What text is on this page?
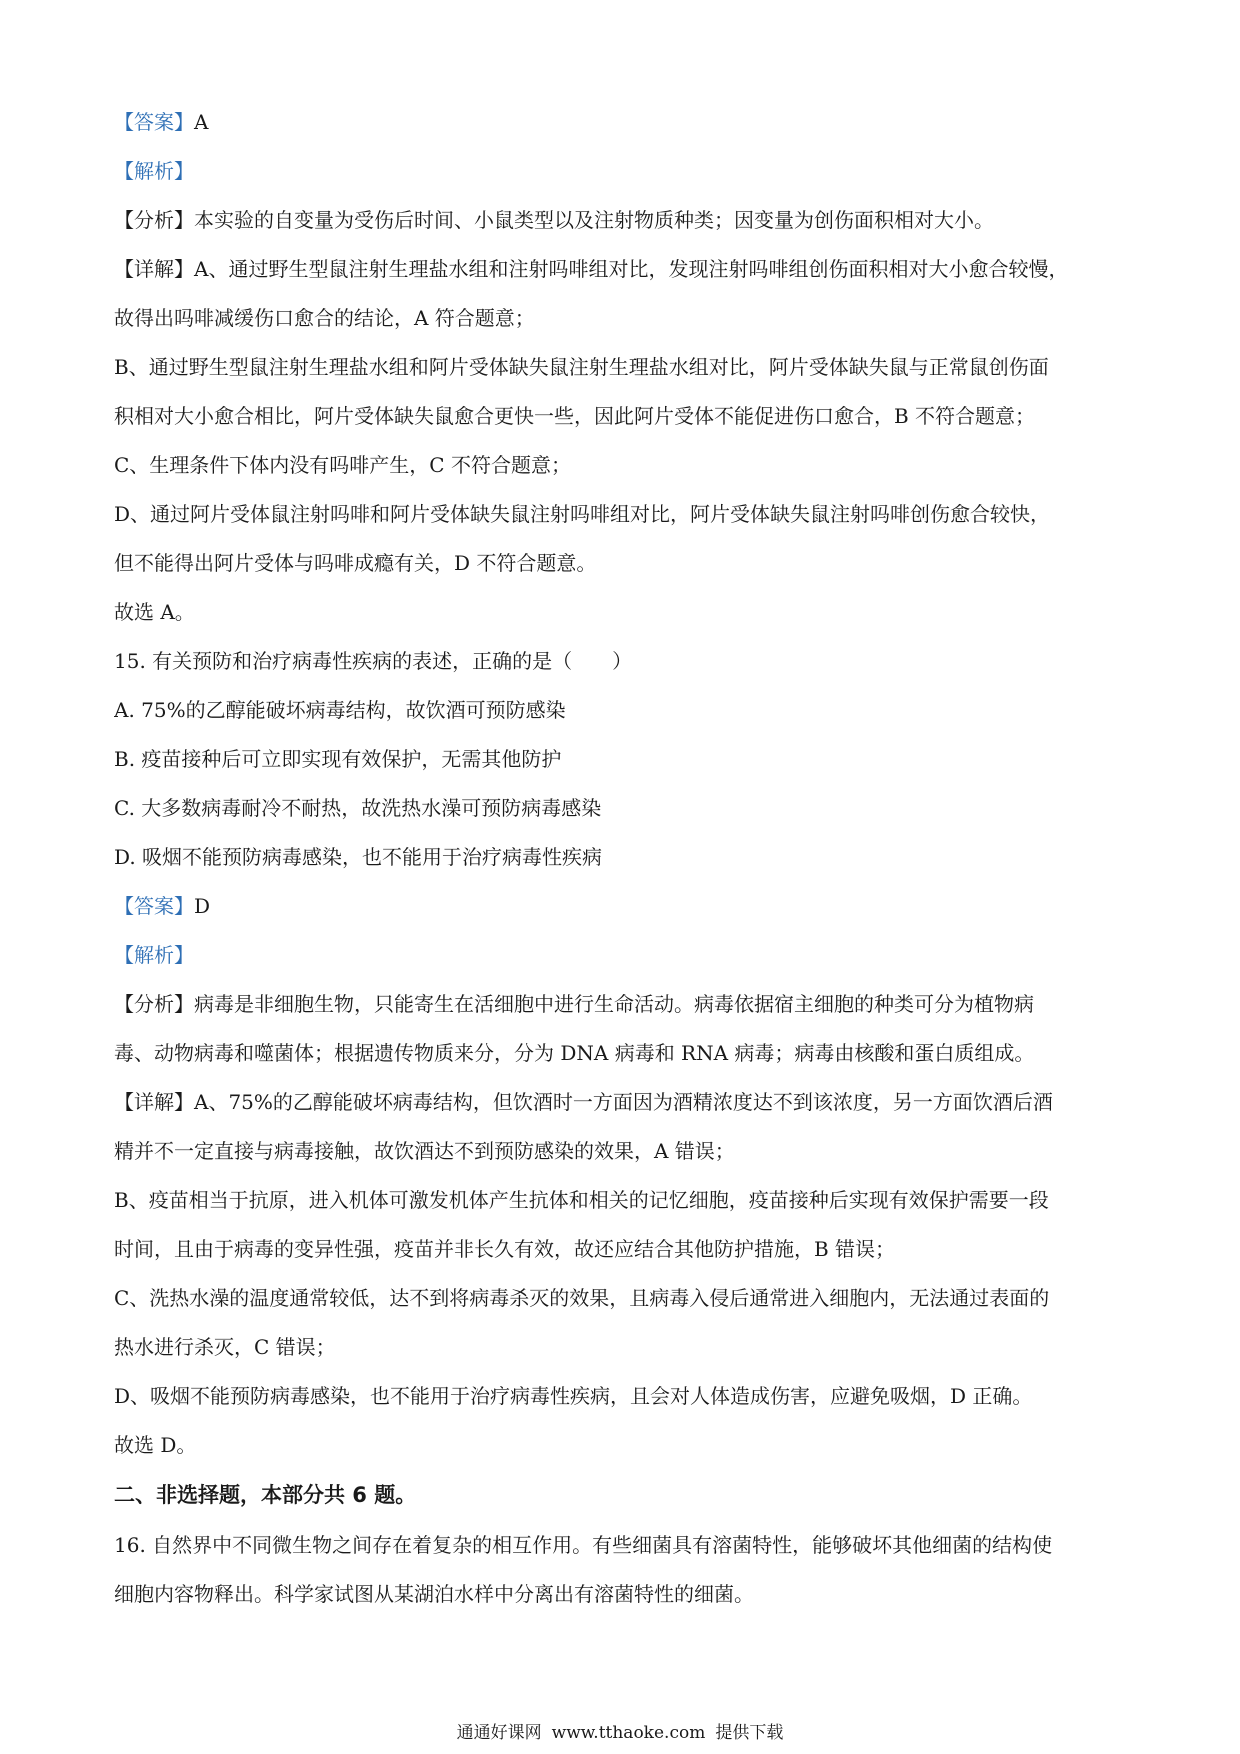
【答案】A
【解析】
【分析】本实验的自变量为受伤后时间、小鼠类型以及注射物质种类；因变量为创伤面积相对大小。
【详解】A、通过野生型鼠注射生理盐水组和注射吗啡组对比，发现注射吗啡组创伤面积相对大小愈合较慢，
故得出吗啡减缓伤口愈合的结论，A 符合题意；
B、通过野生型鼠注射生理盐水组和阿片受体缺失鼠注射生理盐水组对比，阿片受体缺失鼠与正常鼠创伤面
积相对大小愈合相比，阿片受体缺失鼠愈合更快一些，因此阿片受体不能促进伤口愈合，B 不符合题意；
C、生理条件下体内没有吗啡产生，C 不符合题意；
D、通过阿片受体鼠注射吗啡和阿片受体缺失鼠注射吗啡组对比，阿片受体缺失鼠注射吗啡创伤愈合较快，
但不能得出阿片受体与吗啡成瘾有关，D 不符合题意。
故选 A。
15. 有关预防和治疗病毒性疾病的表述，正确的是（　　）
A. 75%的乙醇能破坏病毒结构，故饮酒可预防感染
B. 疫苗接种后可立即实现有效保护，无需其他防护
C. 大多数病毒耐冷不耐热，故洗热水澡可预防病毒感染
D. 吸烟不能预防病毒感染，也不能用于治疗病毒性疾病
【答案】D
【解析】
【分析】病毒是非细胞生物，只能寄生在活细胞中进行生命活动。病毒依据宿主细胞的种类可分为植物病
毒、动物病毒和噬菌体；根据遗传物质来分，分为 DNA 病毒和 RNA 病毒；病毒由核酸和蛋白质组成。
【详解】A、75%的乙醇能破坏病毒结构，但饮酒时一方面因为酒精浓度达不到该浓度，另一方面饮酒后酒
精并不一定直接与病毒接触，故饮酒达不到预防感染的效果，A 错误；
B、疫苗相当于抗原，进入机体可激发机体产生抗体和相关的记忆细胞，疫苗接种后实现有效保护需要一段
时间，且由于病毒的变异性强，疫苗并非长久有效，故还应结合其他防护措施，B 错误；
C、洗热水澡的温度通常较低，达不到将病毒杀灭的效果，且病毒入侵后通常进入细胞内，无法通过表面的
热水进行杀灭，C 错误；
D、吸烟不能预防病毒感染，也不能用于治疗病毒性疾病，且会对人体造成伤害，应避免吸烟，D 正确。
故选 D。
二、非选择题，本部分共 6 题。
16. 自然界中不同微生物之间存在着复杂的相互作用。有些细菌具有溶菌特性，能够破坏其他细菌的结构使
细胞内容物释出。科学家试图从某湖泊水样中分离出有溶菌特性的细菌。
通通好课网 www.tthaoke.com 提供下载
